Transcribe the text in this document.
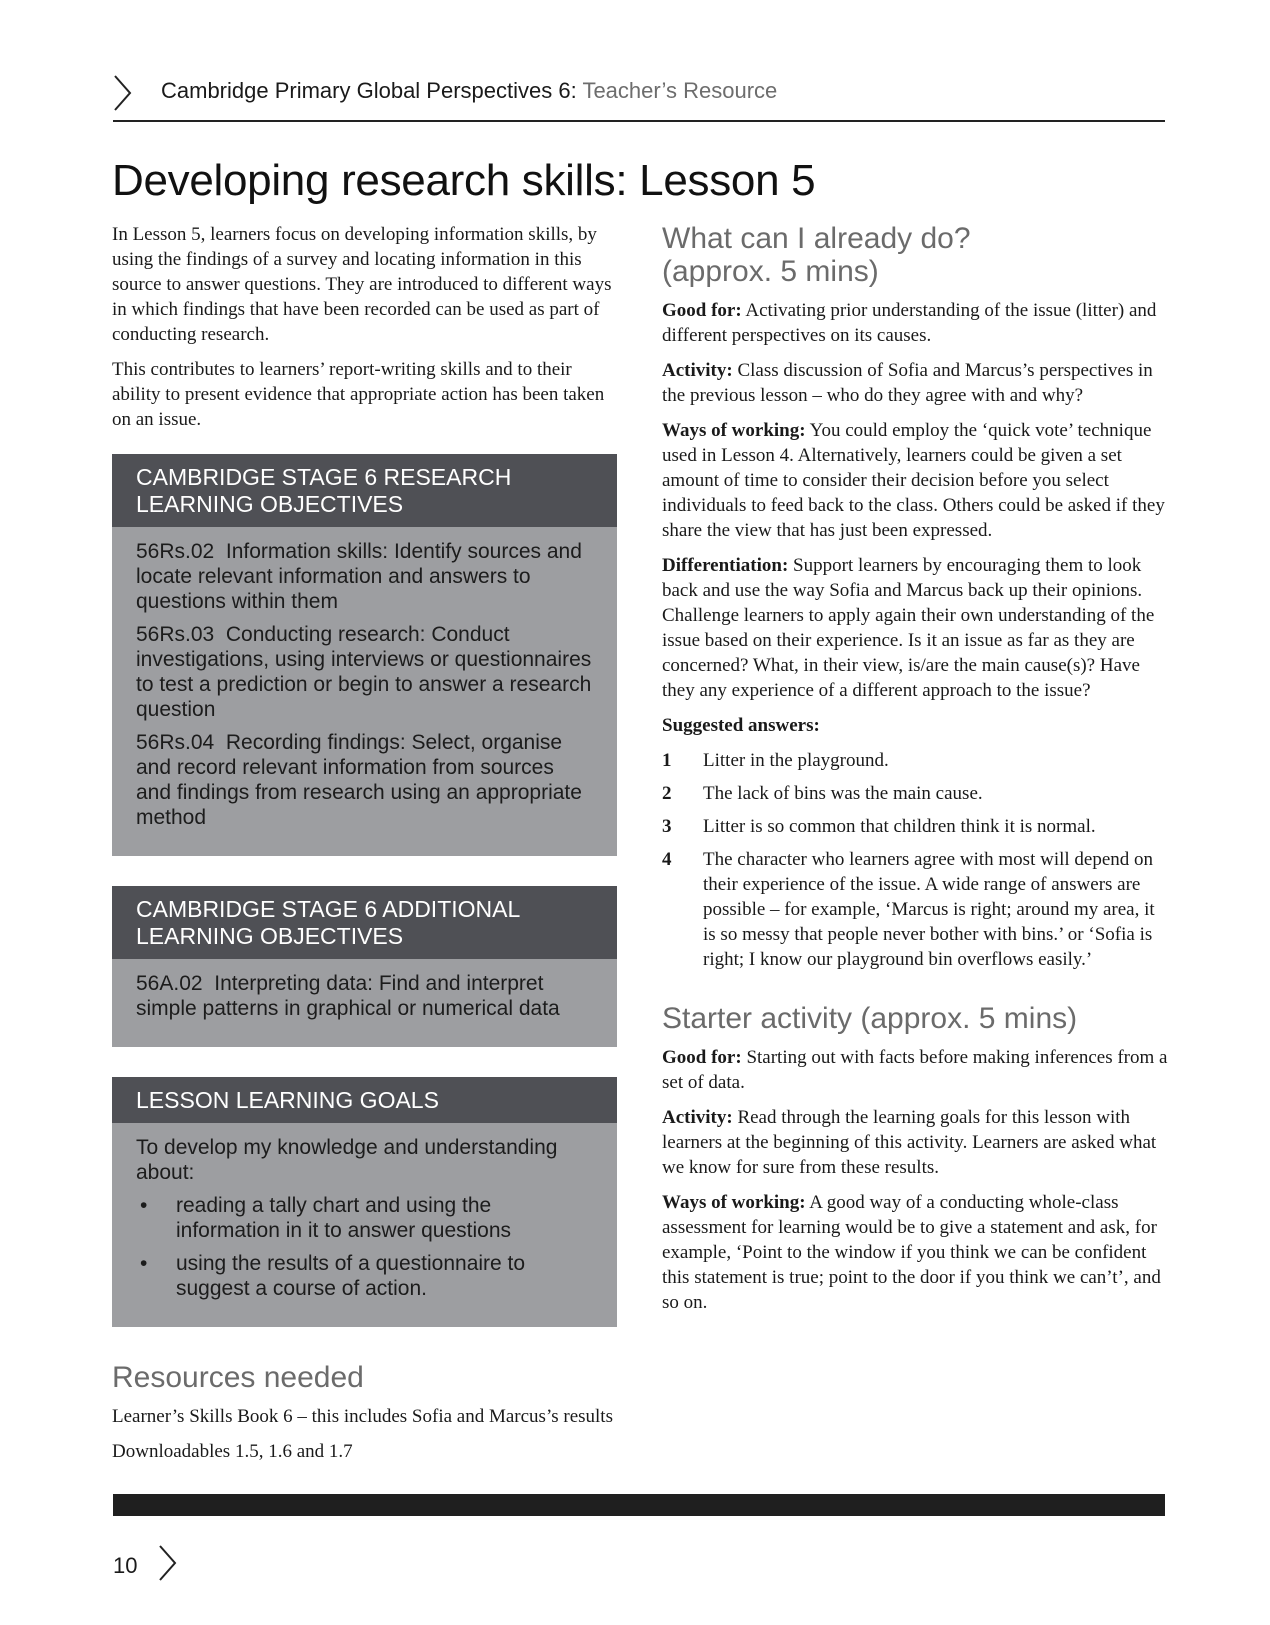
Cambridge Primary Global Perspectives 6: Teacher’s Resource
Developing research skills: Lesson 5

In Lesson 5, learners focus on developing information skills, by using the findings of a survey and locating information in this source to answer questions. They are introduced to different ways in which findings that have been recorded can be used as part of conducting research.

This contributes to learners’ report-writing skills and to their ability to present evidence that appropriate action has been taken on an issue.

CAMBRIDGE STAGE 6 RESEARCH LEARNING OBJECTIVES
56Rs.02 Information skills: Identify sources and locate relevant information and answers to questions within them
56Rs.03 Conducting research: Conduct investigations, using interviews or questionnaires to test a prediction or begin to answer a research question
56Rs.04 Recording findings: Select, organise and record relevant information from sources and findings from research using an appropriate method
CAMBRIDGE STAGE 6 ADDITIONAL LEARNING OBJECTIVES
56A.02 Interpreting data: Find and interpret simple patterns in graphical or numerical data
LESSON LEARNING GOALS
To develop my knowledge and understanding about:
• reading a tally chart and using the information in it to answer questions
• using the results of a questionnaire to suggest a course of action.
Resources needed

Learner’s Skills Book 6 – this includes Sofia and Marcus’s results

Downloadables 1.5, 1.6 and 1.7

What can I already do?
(approx. 5 mins)

Good for: Activating prior understanding of the issue (litter) and different perspectives on its causes.

Activity: Class discussion of Sofia and Marcus’s perspectives in the previous lesson – who do they agree with and why?

Ways of working: You could employ the ‘quick vote’ technique used in Lesson 4. Alternatively, learners could be given a set amount of time to consider their decision before you select individuals to feed back to the class. Others could be asked if they share the view that has just been expressed.

Differentiation: Support learners by encouraging them to look back and use the way Sofia and Marcus back up their opinions. Challenge learners to apply again their own understanding of the issue based on their experience. Is it an issue as far as they are concerned? What, in their view, is/are the main cause(s)? Have they any experience of a different approach to the issue?

Suggested answers:

1 Litter in the playground.
2 The lack of bins was the main cause.
3 Litter is so common that children think it is normal.
4 The character who learners agree with most will depend on their experience of the issue. A wide range of answers are possible – for example, ‘Marcus is right; around my area, it is so messy that people never bother with bins.’ or ‘Sofia is right; I know our playground bin overflows easily.’
Starter activity (approx. 5 mins)

Good for: Starting out with facts before making inferences from a set of data.

Activity: Read through the learning goals for this lesson with learners at the beginning of this activity. Learners are asked what we know for sure from these results.

Ways of working: A good way of a conducting whole-class assessment for learning would be to give a statement and ask, for example, ‘Point to the window if you think we can be confident this statement is true; point to the door if you think we can’t’, and so on.

10
